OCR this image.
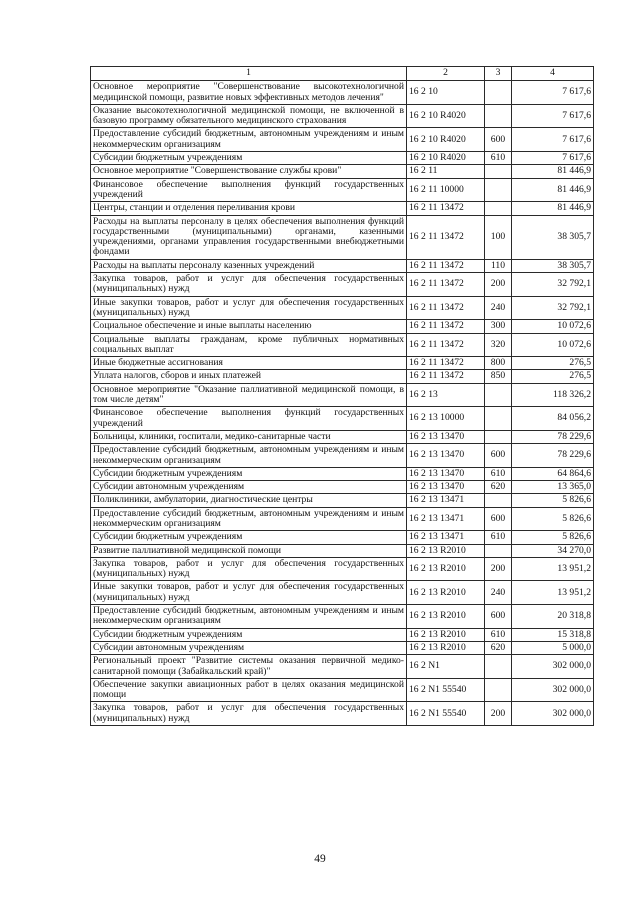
1	2	3	4
Основное мероприятие "Совершенствование высокотехнологичной медицинской помощи, развитие новых эффективных методов лечения"	16 2 10		7 617,6
Оказание высокотехнологичной медицинской помощи, не включенной в базовую программу обязательного медицинского страхования	16 2 10 R4020		7 617,6
Предоставление субсидий бюджетным, автономным учреждениям и иным некоммерческим организациям	16 2 10 R4020	600	7 617,6
Субсидии бюджетным учреждениям	16 2 10 R4020	610	7 617,6
Основное мероприятие "Совершенствование службы крови"	16 2 11		81 446,9
Финансовое обеспечение выполнения функций государственных учреждений	16 2 11 10000		81 446,9
Центры, станции и отделения переливания крови	16 2 11 13472		81 446,9
Расходы на выплаты персоналу в целях обеспечения выполнения функций государственными (муниципальными) органами, казенными учреждениями, органами управления государственными внебюджетными фондами	16 2 11 13472	100	38 305,7
Расходы на выплаты персоналу казенных учреждений	16 2 11 13472	110	38 305,7
Закупка товаров, работ и услуг для обеспечения государственных (муниципальных) нужд	16 2 11 13472	200	32 792,1
Иные закупки товаров, работ и услуг для обеспечения государственных (муниципальных) нужд	16 2 11 13472	240	32 792,1
Социальное обеспечение и иные выплаты населению	16 2 11 13472	300	10 072,6
Социальные выплаты гражданам, кроме публичных нормативных социальных выплат	16 2 11 13472	320	10 072,6
Иные бюджетные ассигнования	16 2 11 13472	800	276,5
Уплата налогов, сборов и иных платежей	16 2 11 13472	850	276,5
Основное мероприятие "Оказание паллиативной медицинской помощи, в том числе детям"	16 2 13		118 326,2
Финансовое обеспечение выполнения функций государственных учреждений	16 2 13 10000		84 056,2
Больницы, клиники, госпитали, медико-санитарные части	16 2 13 13470		78 229,6
Предоставление субсидий бюджетным, автономным учреждениям и иным некоммерческим организациям	16 2 13 13470	600	78 229,6
Субсидии бюджетным учреждениям	16 2 13 13470	610	64 864,6
Субсидии автономным учреждениям	16 2 13 13470	620	13 365,0
Поликлиники, амбулатории, диагностические центры	16 2 13 13471		5 826,6
Предоставление субсидий бюджетным, автономным учреждениям и иным некоммерческим организациям	16 2 13 13471	600	5 826,6
Субсидии бюджетным учреждениям	16 2 13 13471	610	5 826,6
Развитие паллиативной медицинской помощи	16 2 13 R2010		34 270,0
Закупка товаров, работ и услуг для обеспечения государственных (муниципальных) нужд	16 2 13 R2010	200	13 951,2
Иные закупки товаров, работ и услуг для обеспечения государственных (муниципальных) нужд	16 2 13 R2010	240	13 951,2
Предоставление субсидий бюджетным, автономным учреждениям и иным некоммерческим организациям	16 2 13 R2010	600	20 318,8
Субсидии бюджетным учреждениям	16 2 13 R2010	610	15 318,8
Субсидии автономным учреждениям	16 2 13 R2010	620	5 000,0
Региональный проект "Развитие системы оказания первичной медико-санитарной помощи (Забайкальский край)"	16 2 N1		302 000,0
Обеспечение закупки авиационных работ в целях оказания медицинской помощи	16 2 N1 55540		302 000,0
Закупка товаров, работ и услуг для обеспечения государственных (муниципальных) нужд	16 2 N1 55540	200	302 000,0
49
